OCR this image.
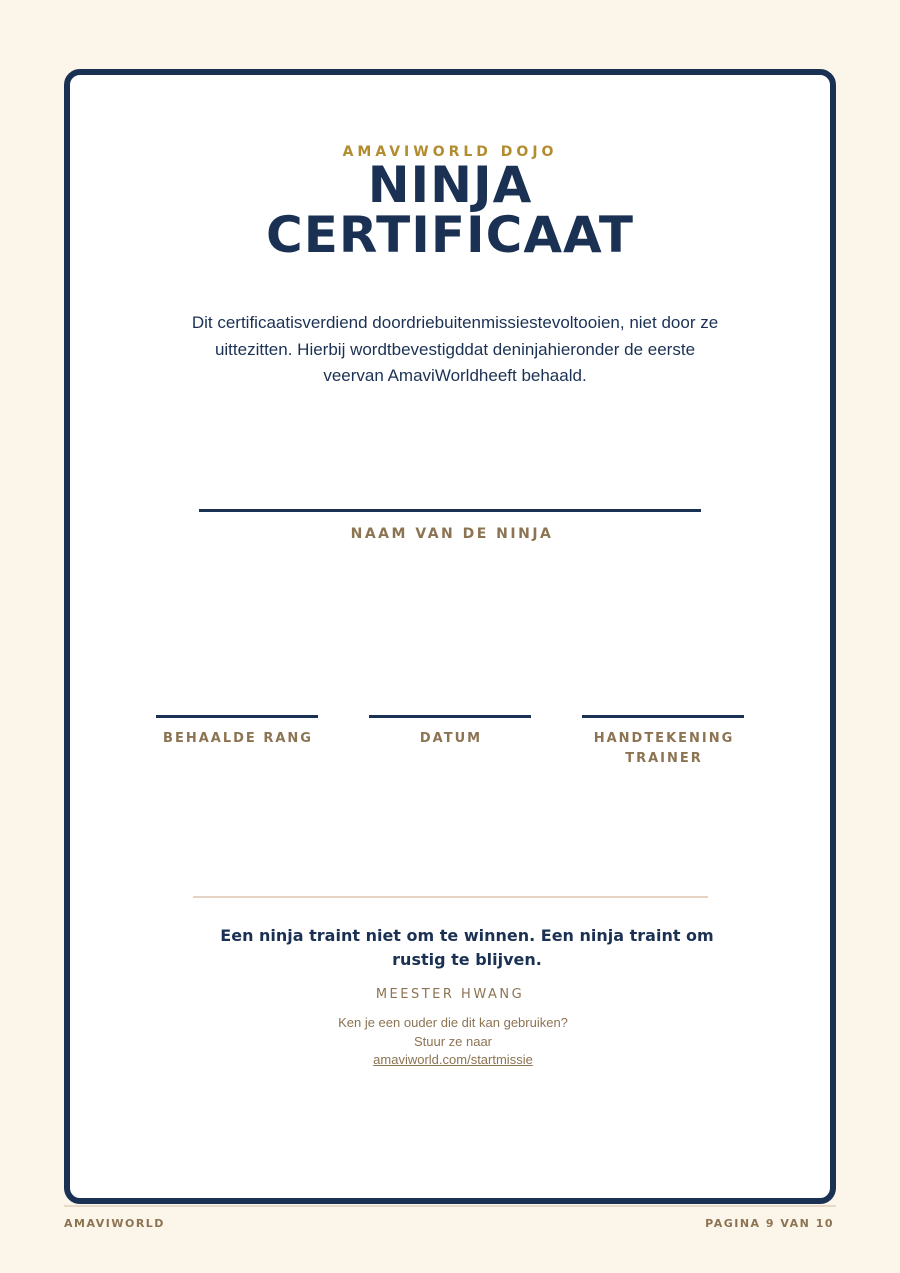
AMAVIWORLD DOJO
NINJA
CERTIFICAAT
Dit certificaatisverdiend doordriebuitenmissiestevoltooien, niet door ze uittezitten. Hierbij wordtbevestigddat deninjahieronder de eerste veervan AmaviWorldheeft behaald.
NAAM VAN DE NINJA
BEHAALDE RANG	DATUM	HANDTEKENING TRAINER
Een ninja traint niet om te winnen. Een ninja traint om rustig te blijven.
MEESTER HWANG
Ken je een ouder die dit kan gebruiken?
Stuur ze naar
amaviworld.com/startmissie
AMAVIWORLD	PAGINA 9 VAN 10
